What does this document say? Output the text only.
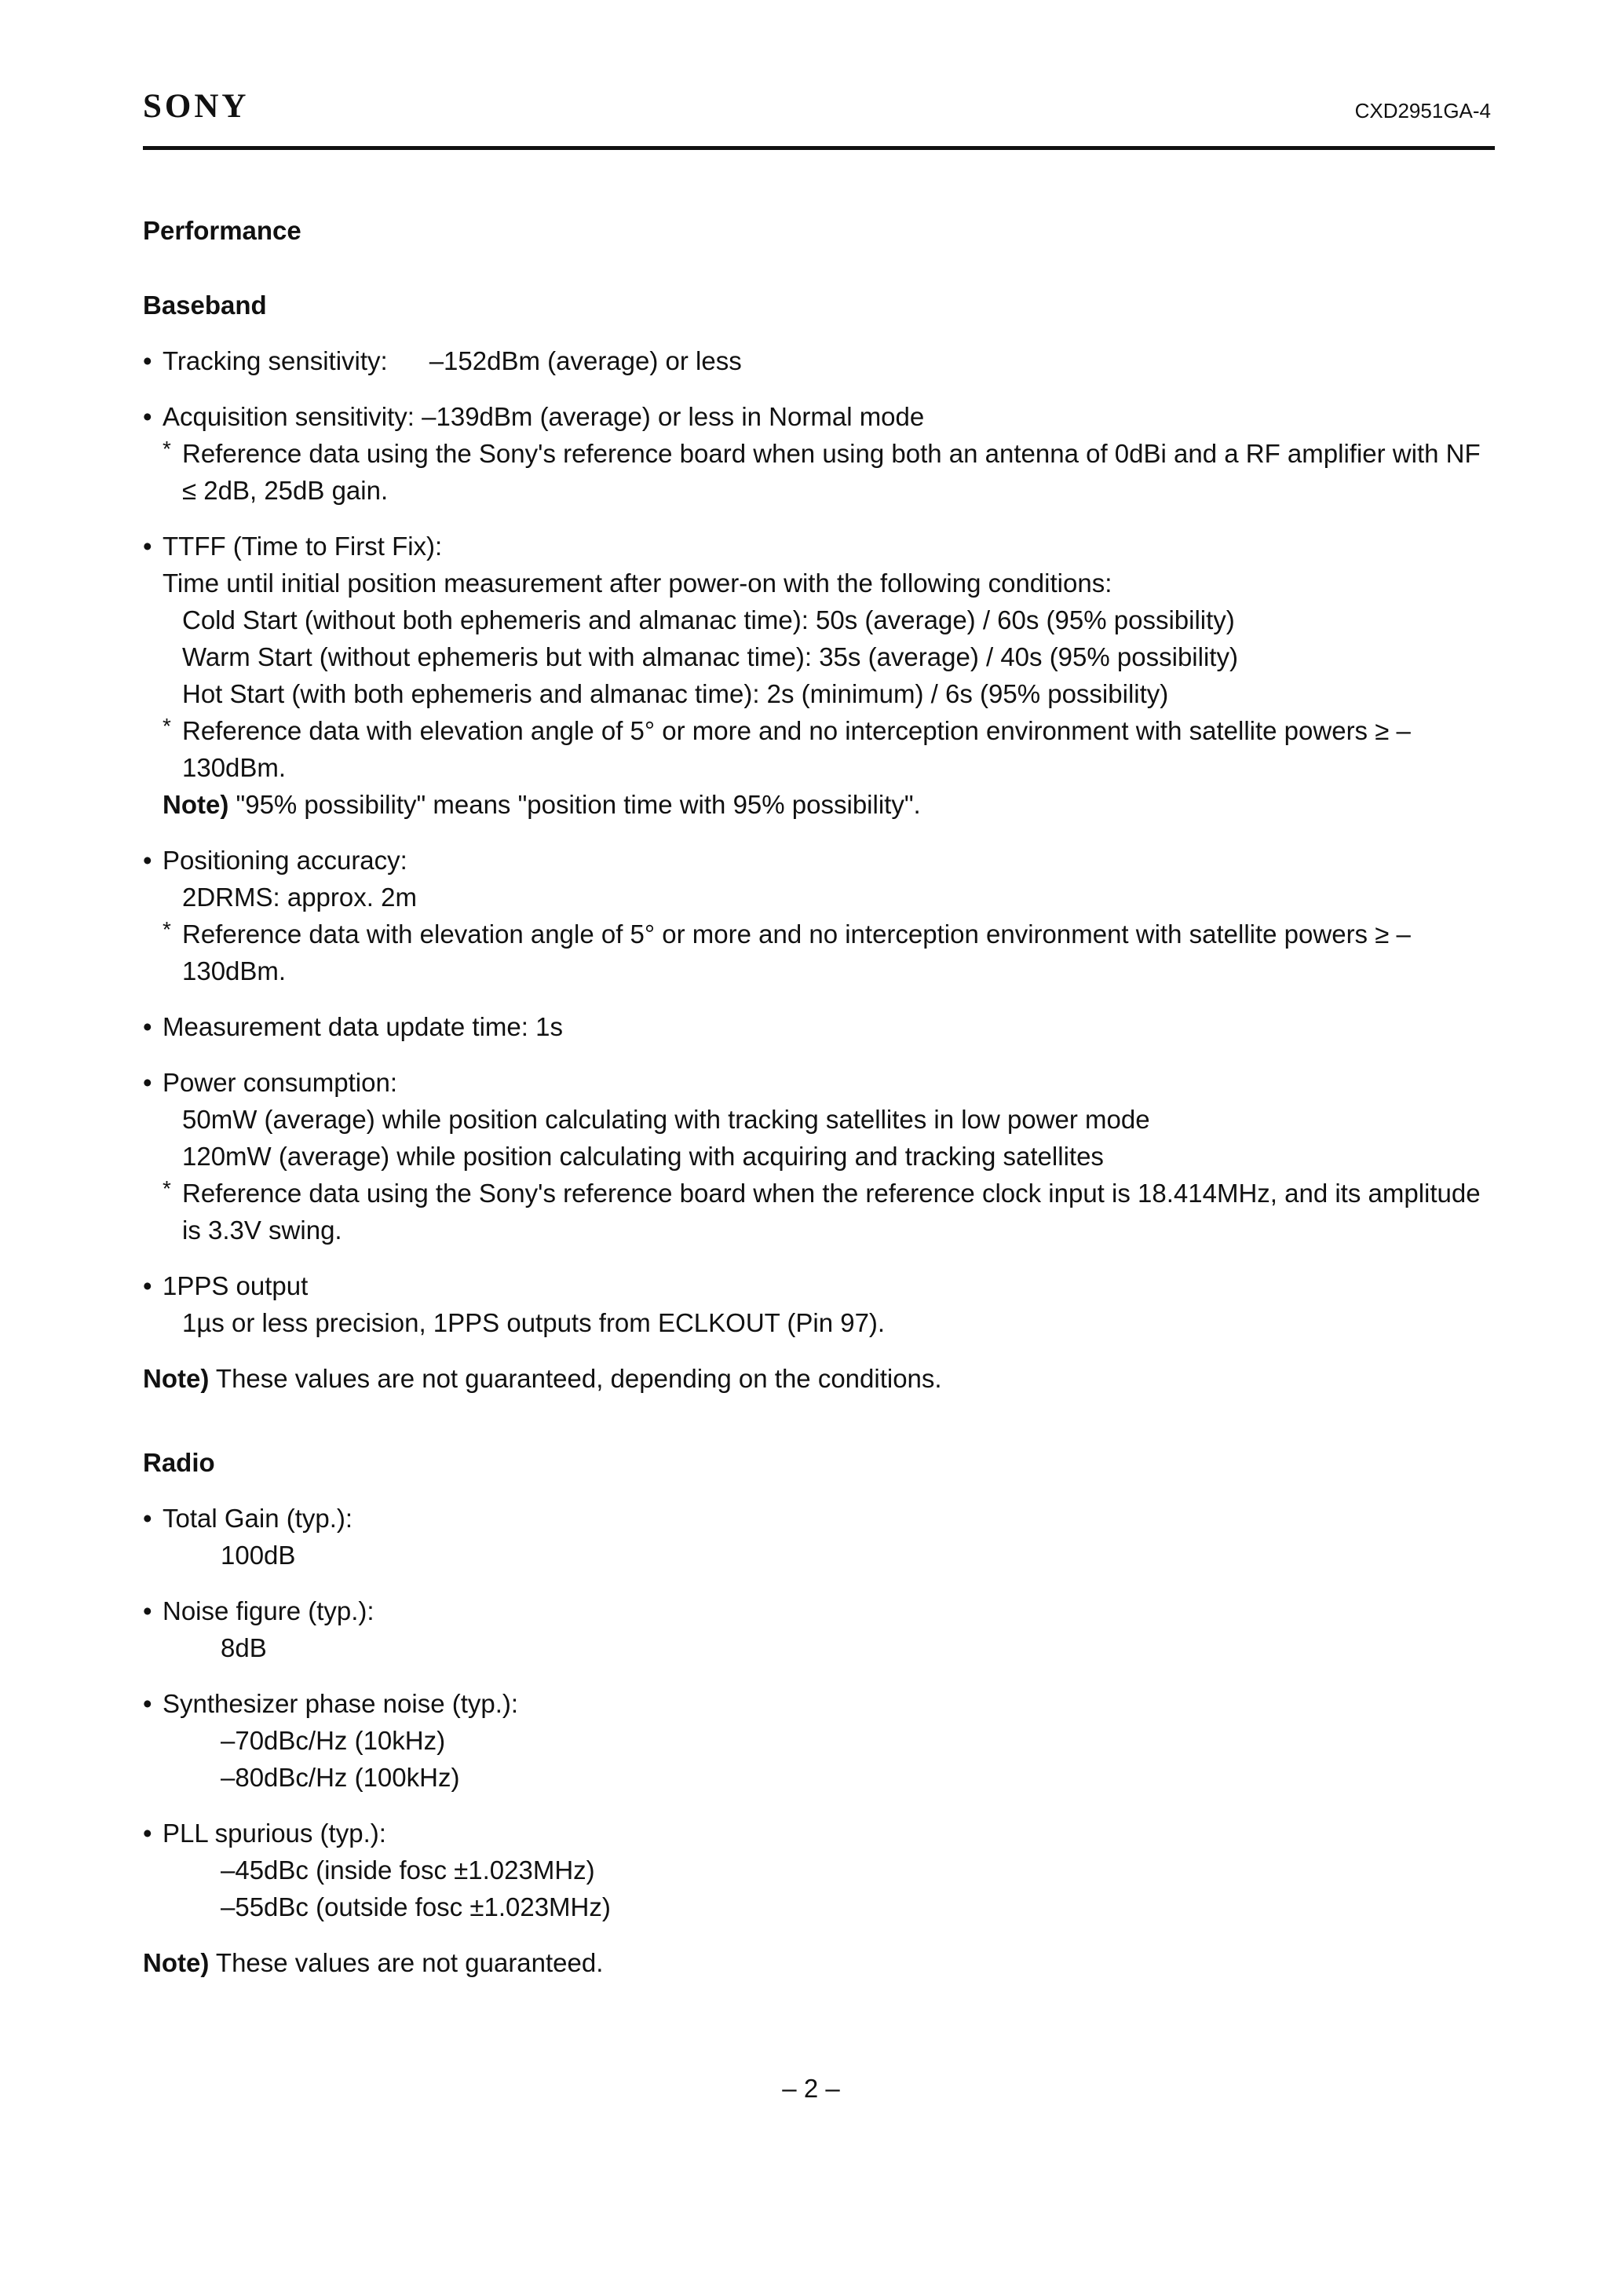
SONY	CXD2951GA-4
Performance
Baseband
• Tracking sensitivity: –152dBm (average) or less
• Acquisition sensitivity: –139dBm (average) or less in Normal mode
* Reference data using the Sony's reference board when using both an antenna of 0dBi and a RF amplifier with NF ≤ 2dB, 25dB gain.
• TTFF (Time to First Fix):
Time until initial position measurement after power-on with the following conditions:
Cold Start (without both ephemeris and almanac time): 50s (average) / 60s (95% possibility)
Warm Start (without ephemeris but with almanac time): 35s (average) / 40s (95% possibility)
Hot Start (with both ephemeris and almanac time): 2s (minimum) / 6s (95% possibility)
* Reference data with elevation angle of 5° or more and no interception environment with satellite powers ≥ –130dBm.
Note) "95% possibility" means "position time with 95% possibility".
• Positioning accuracy:
2DRMS: approx. 2m
* Reference data with elevation angle of 5° or more and no interception environment with satellite powers ≥ –130dBm.
• Measurement data update time: 1s
• Power consumption:
50mW (average) while position calculating with tracking satellites in low power mode
120mW (average) while position calculating with acquiring and tracking satellites
* Reference data using the Sony's reference board when the reference clock input is 18.414MHz, and its amplitude is 3.3V swing.
• 1PPS output
1µs or less precision, 1PPS outputs from ECLKOUT (Pin 97).
Note) These values are not guaranteed, depending on the conditions.
Radio
• Total Gain (typ.):
100dB
• Noise figure (typ.):
8dB
• Synthesizer phase noise (typ.):
–70dBc/Hz (10kHz)
–80dBc/Hz (100kHz)
• PLL spurious (typ.):
–45dBc (inside fosc ±1.023MHz)
–55dBc (outside fosc ±1.023MHz)
Note) These values are not guaranteed.
– 2 –
